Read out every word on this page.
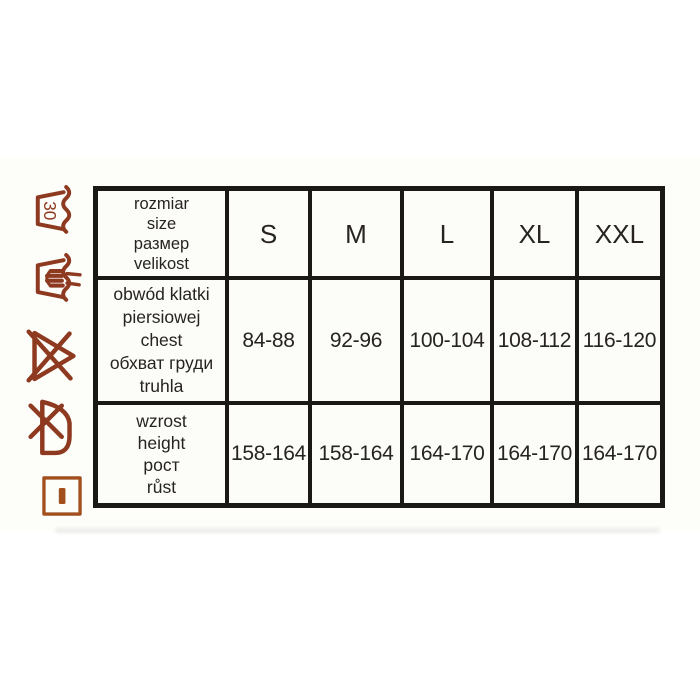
30	rozmiar
size
размер
velikost
S	M	L	XL	XXL
obwód klatki
piersiowej
chest
обхват груди
truhla
84-88	92-96	100-104 108-112 116-120
wzrost
height
рост
růst
158-164 158-164 164-170 164-170 164-170
